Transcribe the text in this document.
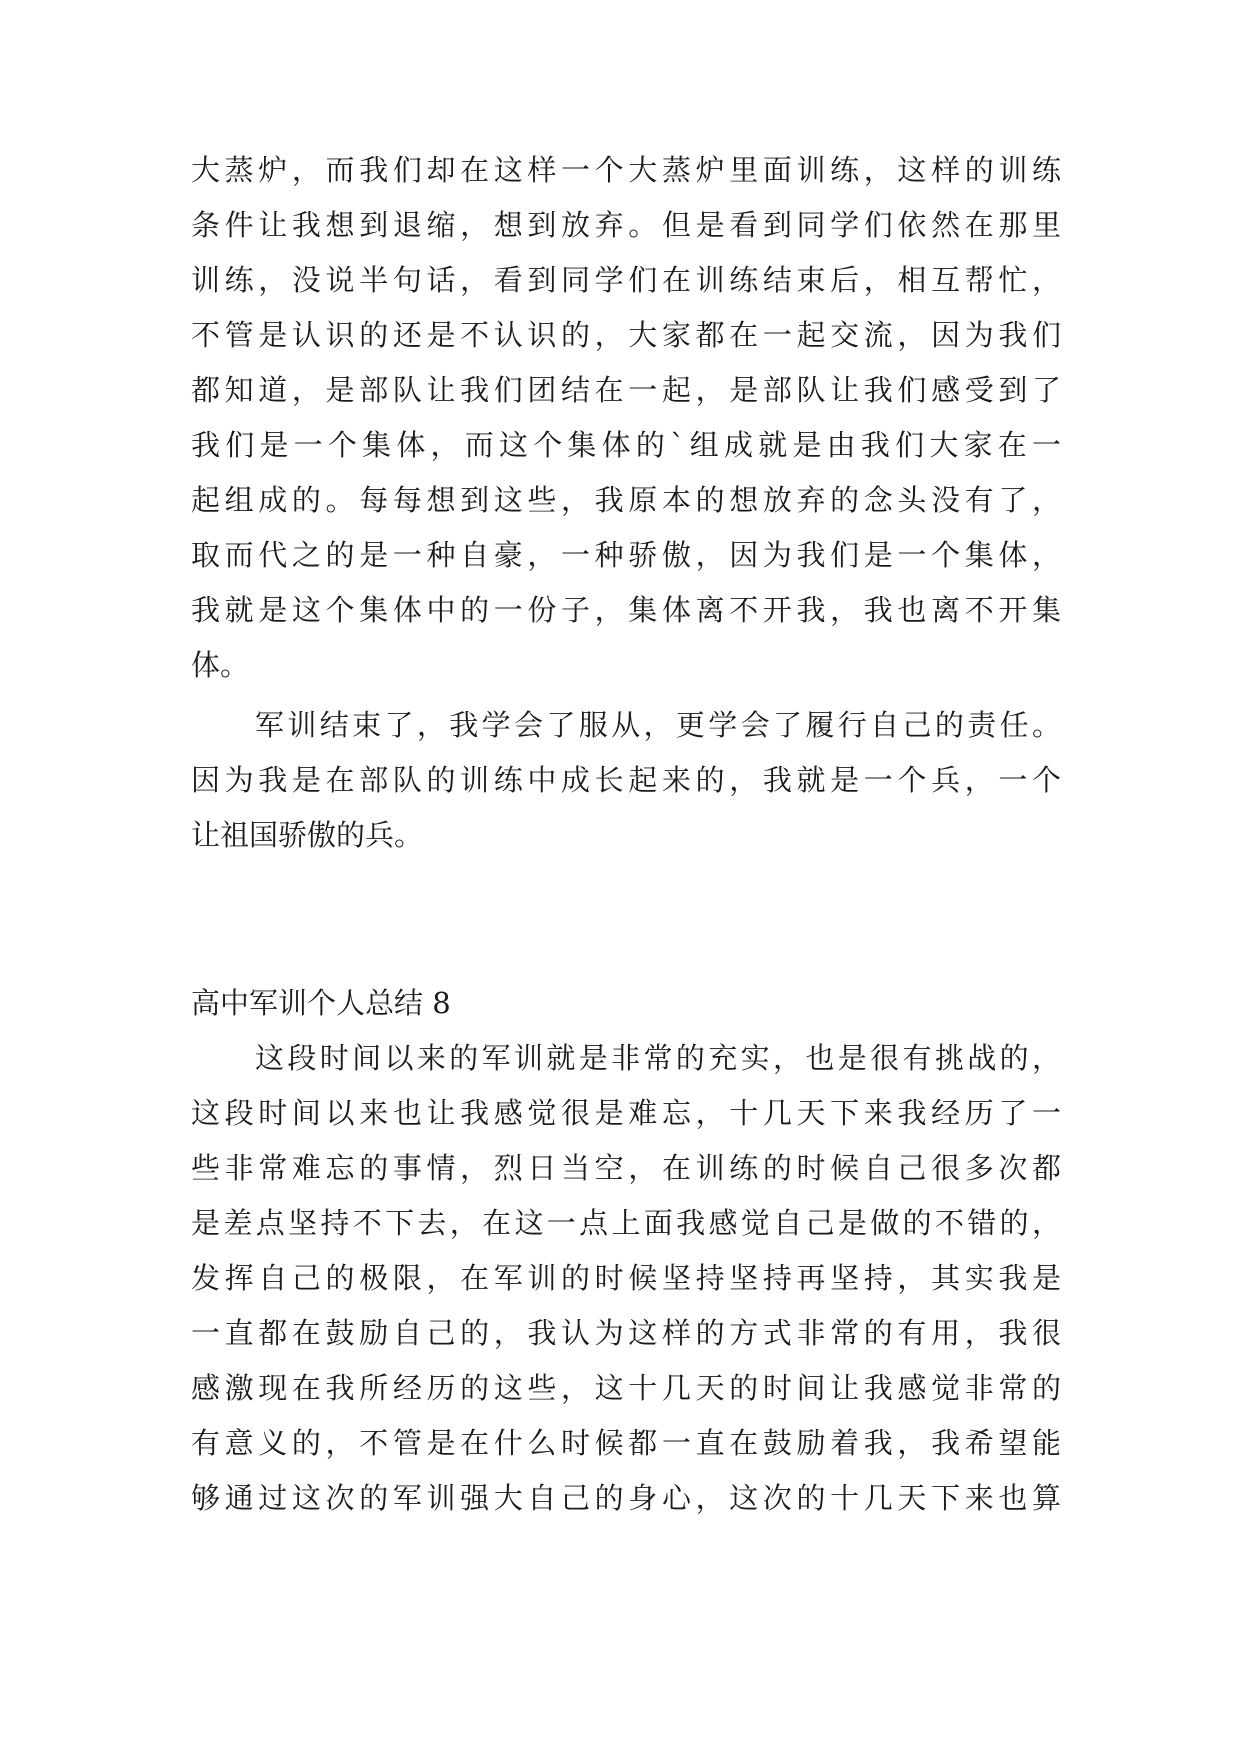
大蒸炉，而我们却在这样一个大蒸炉里面训练，这样的训练
条件让我想到退缩，想到放弃。但是看到同学们依然在那里
训练，没说半句话，看到同学们在训练结束后，相互帮忙，
不管是认识的还是不认识的，大家都在一起交流，因为我们
都知道，是部队让我们团结在一起，是部队让我们感受到了
我们是一个集体，而这个集体的`组成就是由我们大家在一
起组成的。每每想到这些，我原本的想放弃的念头没有了，
取而代之的是一种自豪，一种骄傲，因为我们是一个集体，
我就是这个集体中的一份子，集体离不开我，我也离不开集
体。
军训结束了，我学会了服从，更学会了履行自己的责任。
因为我是在部队的训练中成长起来的，我就是一个兵，一个
让祖国骄傲的兵。
高中军训个人总结 8
这段时间以来的军训就是非常的充实，也是很有挑战的，
这段时间以来也让我感觉很是难忘，十几天下来我经历了一
些非常难忘的事情，烈日当空，在训练的时候自己很多次都
是差点坚持不下去，在这一点上面我感觉自己是做的不错的，
发挥自己的极限，在军训的时候坚持坚持再坚持，其实我是
一直都在鼓励自己的，我认为这样的方式非常的有用，我很
感激现在我所经历的这些，这十几天的时间让我感觉非常的
有意义的，不管是在什么时候都一直在鼓励着我，我希望能
够通过这次的军训强大自己的身心，这次的十几天下来也算
